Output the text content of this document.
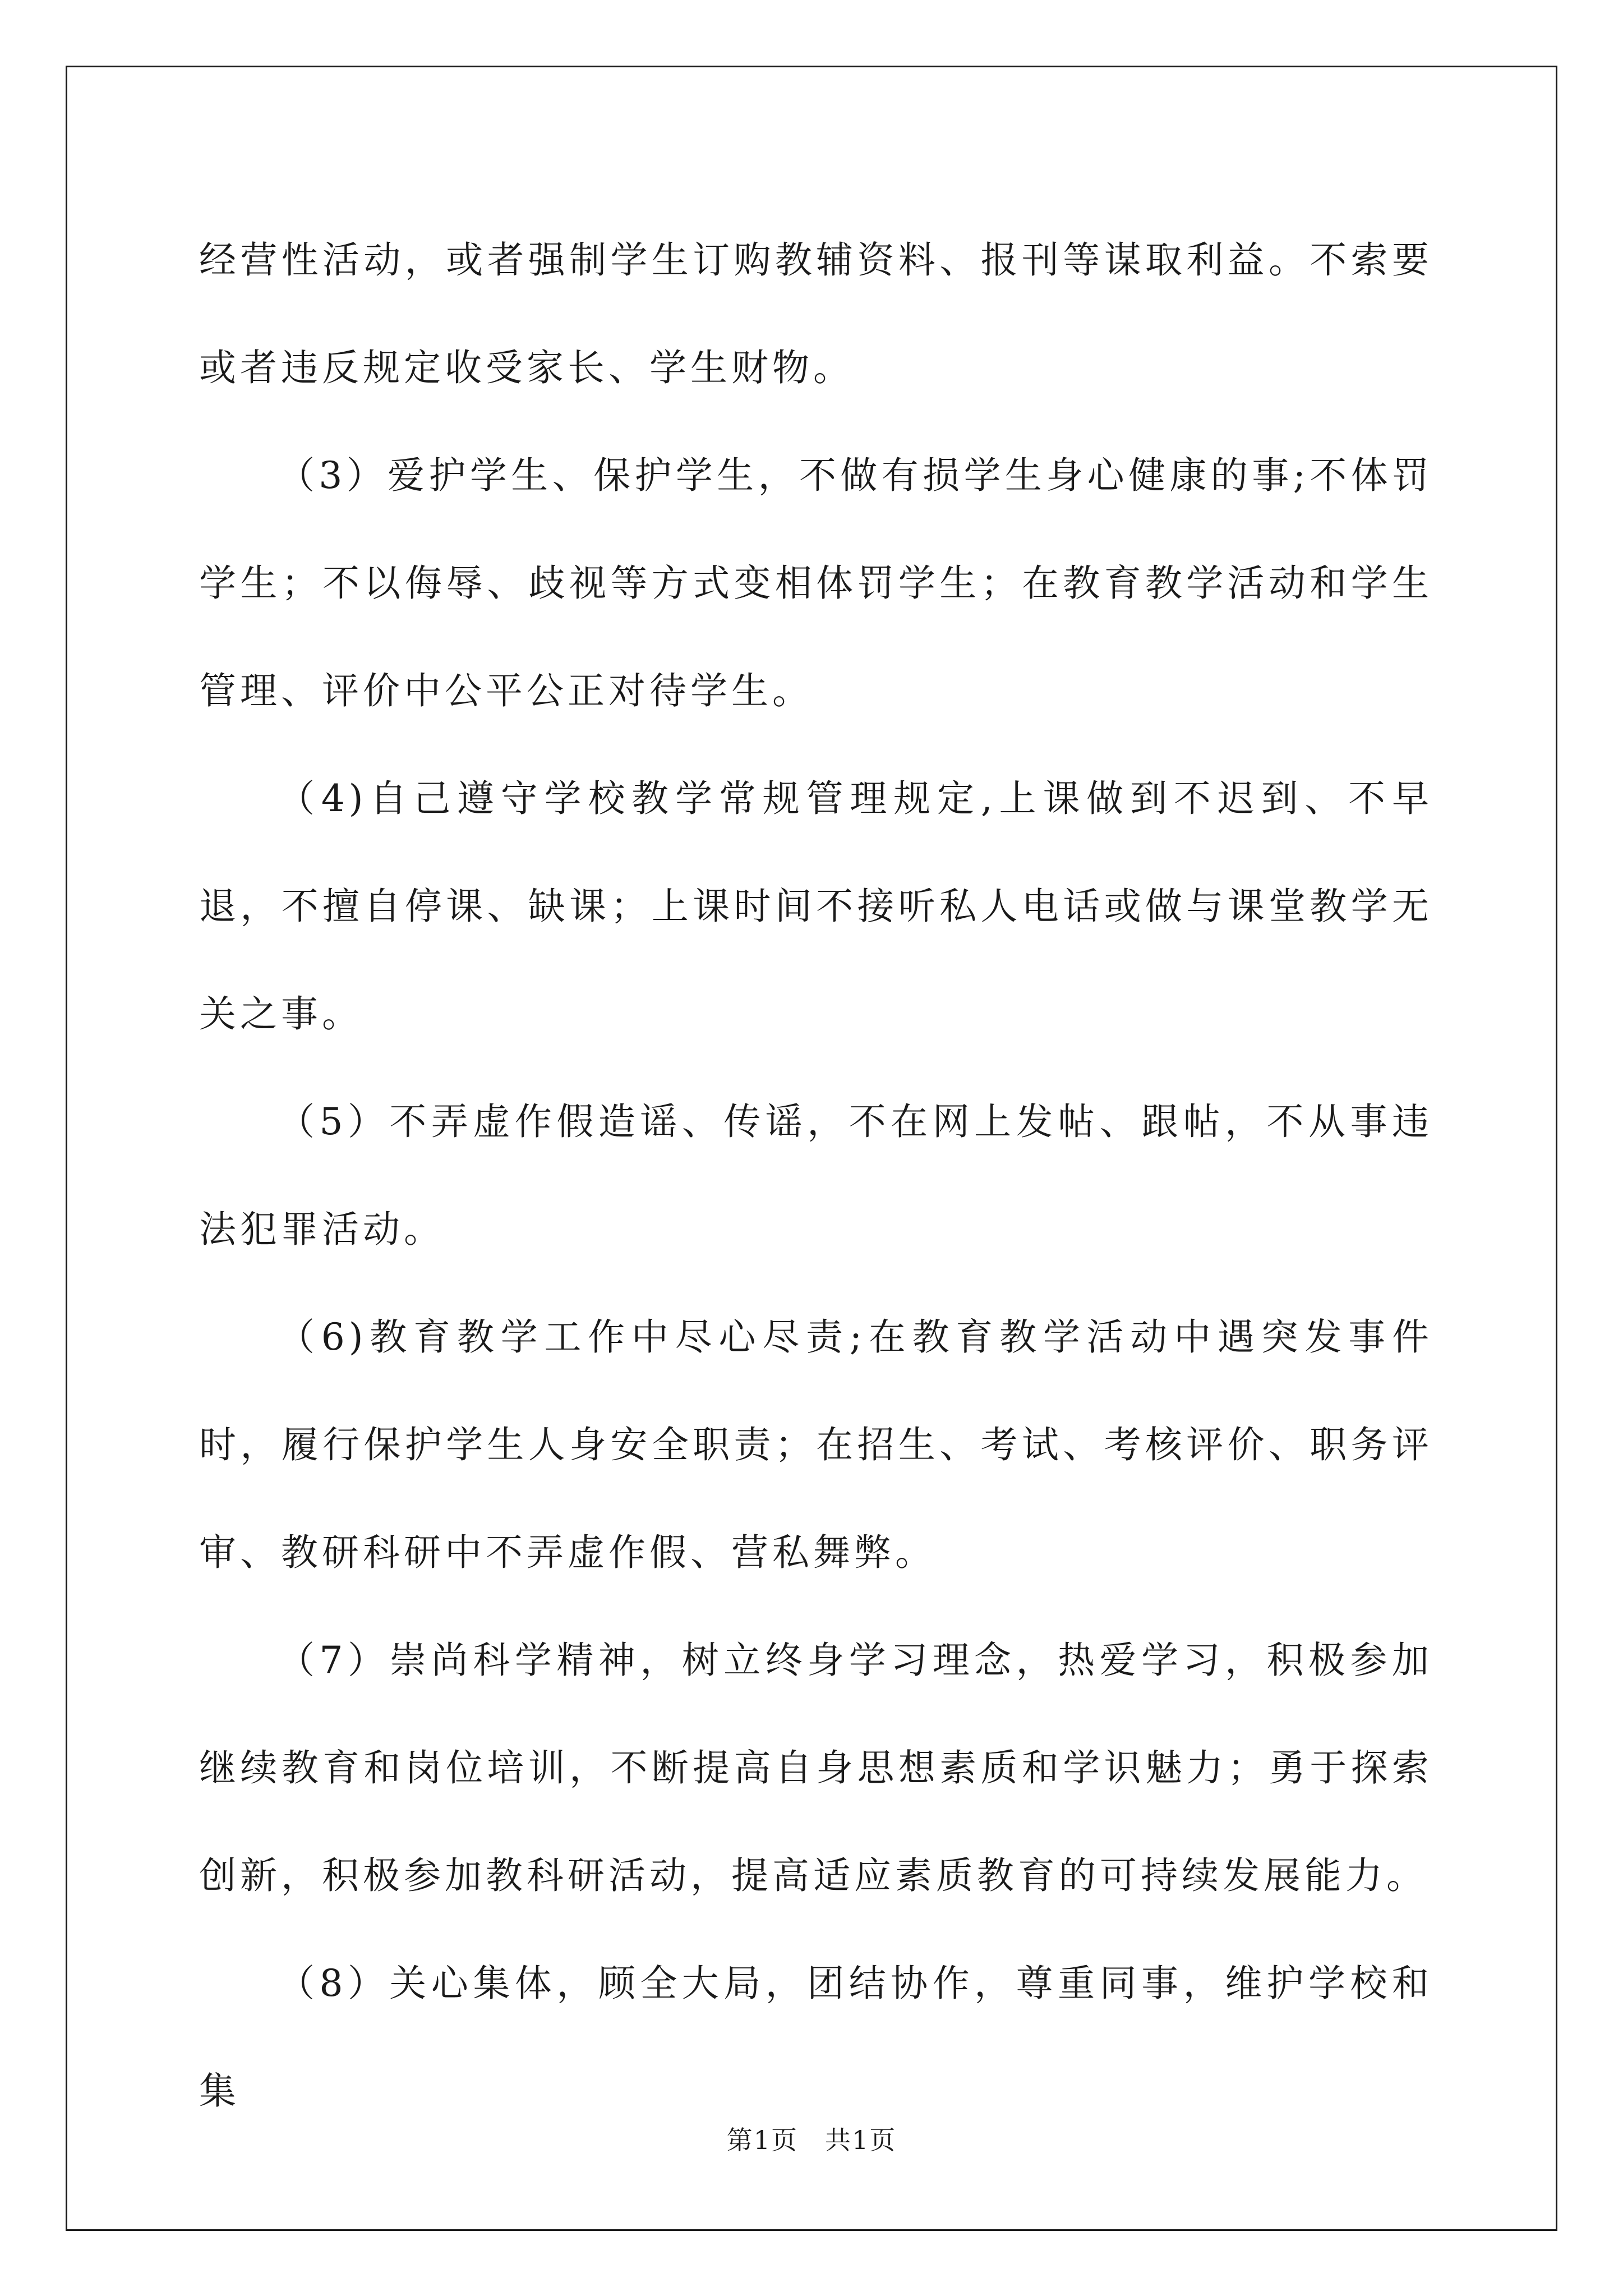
经营性活动，或者强制学生订购教辅资料、报刊等谋取利益。不索要或者违反规定收受家长、学生财物。

（3）爱护学生、保护学生，不做有损学生身心健康的事;不体罚学生；不以侮辱、歧视等方式变相体罚学生；在教育教学活动和学生管理、评价中公平公正对待学生。

（4)自己遵守学校教学常规管理规定,上课做到不迟到、不早退，不擅自停课、缺课；上课时间不接听私人电话或做与课堂教学无关之事。

（5）不弄虚作假造谣、传谣，不在网上发帖、跟帖，不从事违法犯罪活动。

（6)教育教学工作中尽心尽责;在教育教学活动中遇突发事件时，履行保护学生人身安全职责；在招生、考试、考核评价、职务评审、教研科研中不弄虚作假、营私舞弊。

（7）崇尚科学精神，树立终身学习理念，热爱学习，积极参加继续教育和岗位培训，不断提高自身思想素质和学识魅力；勇于探索创新，积极参加教科研活动，提高适应素质教育的可持续发展能力。

（8）关心集体，顾全大局，团结协作，尊重同事，维护学校和集

第1页　共1页
